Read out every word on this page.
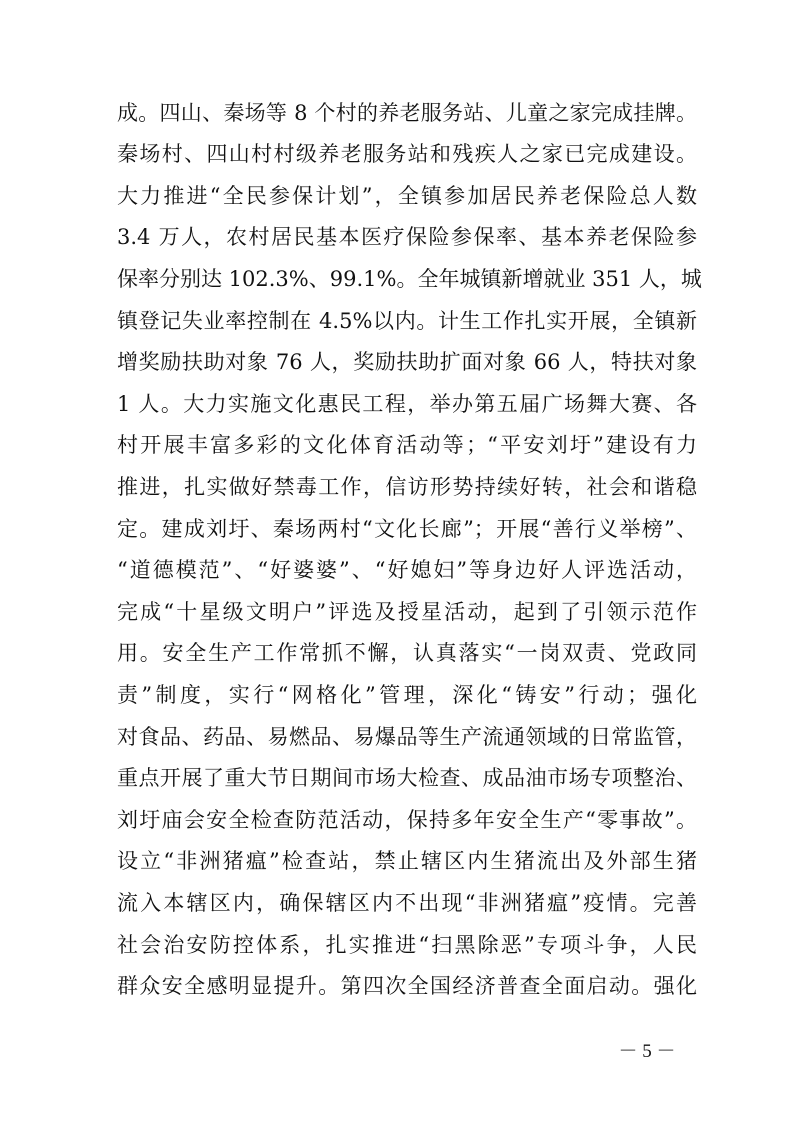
成。四山、秦场等 8 个村的养老服务站、儿童之家完成挂牌。
秦场村、四山村村级养老服务站和残疾人之家已完成建设。
大力推进“全民参保计划”，全镇参加居民养老保险总人数
3.4 万人，农村居民基本医疗保险参保率、基本养老保险参
保率分别达 102.3%、99.1%。全年城镇新增就业 351 人，城
镇登记失业率控制在 4.5%以内。计生工作扎实开展，全镇新
增奖励扶助对象 76 人，奖励扶助扩面对象 66 人，特扶对象
1 人。大力实施文化惠民工程，举办第五届广场舞大赛、各
村开展丰富多彩的文化体育活动等；“平安刘圩”建设有力
推进，扎实做好禁毒工作，信访形势持续好转，社会和谐稳
定。建成刘圩、秦场两村“文化长廊”；开展“善行义举榜”、
“道德模范”、“好婆婆”、“好媳妇”等身边好人评选活动，
完成“十星级文明户”评选及授星活动，起到了引领示范作
用。安全生产工作常抓不懈，认真落实“一岗双责、党政同
责”制度，实行“网格化”管理，深化“铸安”行动；强化
对食品、药品、易燃品、易爆品等生产流通领域的日常监管，
重点开展了重大节日期间市场大检查、成品油市场专项整治、
刘圩庙会安全检查防范活动，保持多年安全生产“零事故”。
设立“非洲猪瘟”检查站，禁止辖区内生猪流出及外部生猪
流入本辖区内，确保辖区内不出现“非洲猪瘟”疫情。完善
社会治安防控体系，扎实推进“扫黑除恶”专项斗争，人民
群众安全感明显提升。第四次全国经济普查全面启动。强化
－ 5 －
